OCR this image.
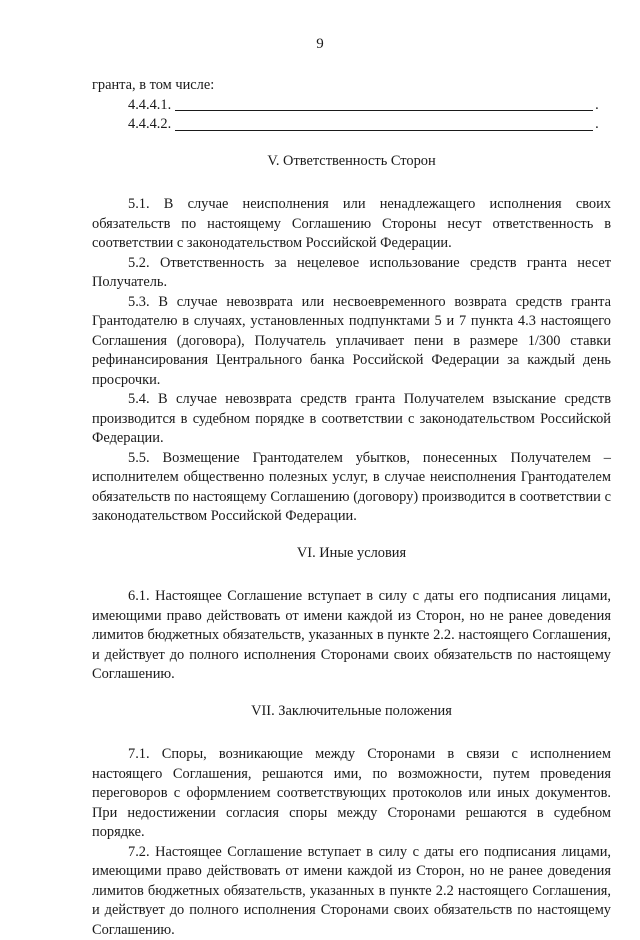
9

гранта, в том числе:

4.4.4.1.	.
4.4.4.2.	.

V. Ответственность Сторон

5.1. В случае неисполнения или ненадлежащего исполнения своих обязательств по настоящему Соглашению Стороны несут ответственность в соответствии с законодательством Российской Федерации.

5.2. Ответственность за нецелевое использование средств гранта несет Получатель.

5.3. В случае невозврата или несвоевременного возврата средств гранта Грантодателю в случаях, установленных подпунктами 5 и 7 пункта 4.3 настоящего Соглашения (договора), Получатель уплачивает пени в размере 1/300 ставки рефинансирования Центрального банка Российской Федерации за каждый день просрочки.

5.4. В случае невозврата средств гранта Получателем взыскание средств производится в судебном порядке в соответствии с законодательством Российской Федерации.

5.5. Возмещение Грантодателем убытков, понесенных Получателем – исполнителем общественно полезных услуг, в случае неисполнения Грантодателем обязательств по настоящему Соглашению (договору) производится в соответствии с законодательством Российской Федерации.

VI. Иные условия

6.1. Настоящее Соглашение вступает в силу с даты его подписания лицами, имеющими право действовать от имени каждой из Сторон, но не ранее доведения лимитов бюджетных обязательств, указанных в пункте 2.2. настоящего Соглашения, и действует до полного исполнения Сторонами своих обязательств по настоящему Соглашению.

VII. Заключительные положения

7.1. Споры, возникающие между Сторонами в связи с исполнением настоящего Соглашения, решаются ими, по возможности, путем проведения переговоров с оформлением соответствующих протоколов или иных документов. При недостижении согласия споры между Сторонами решаются в судебном порядке.

7.2. Настоящее Соглашение вступает в силу с даты его подписания лицами, имеющими право действовать от имени каждой из Сторон, но не ранее доведения лимитов бюджетных обязательств, указанных в пункте 2.2 настоящего Соглашения, и действует до полного исполнения Сторонами своих обязательств по настоящему Соглашению.
